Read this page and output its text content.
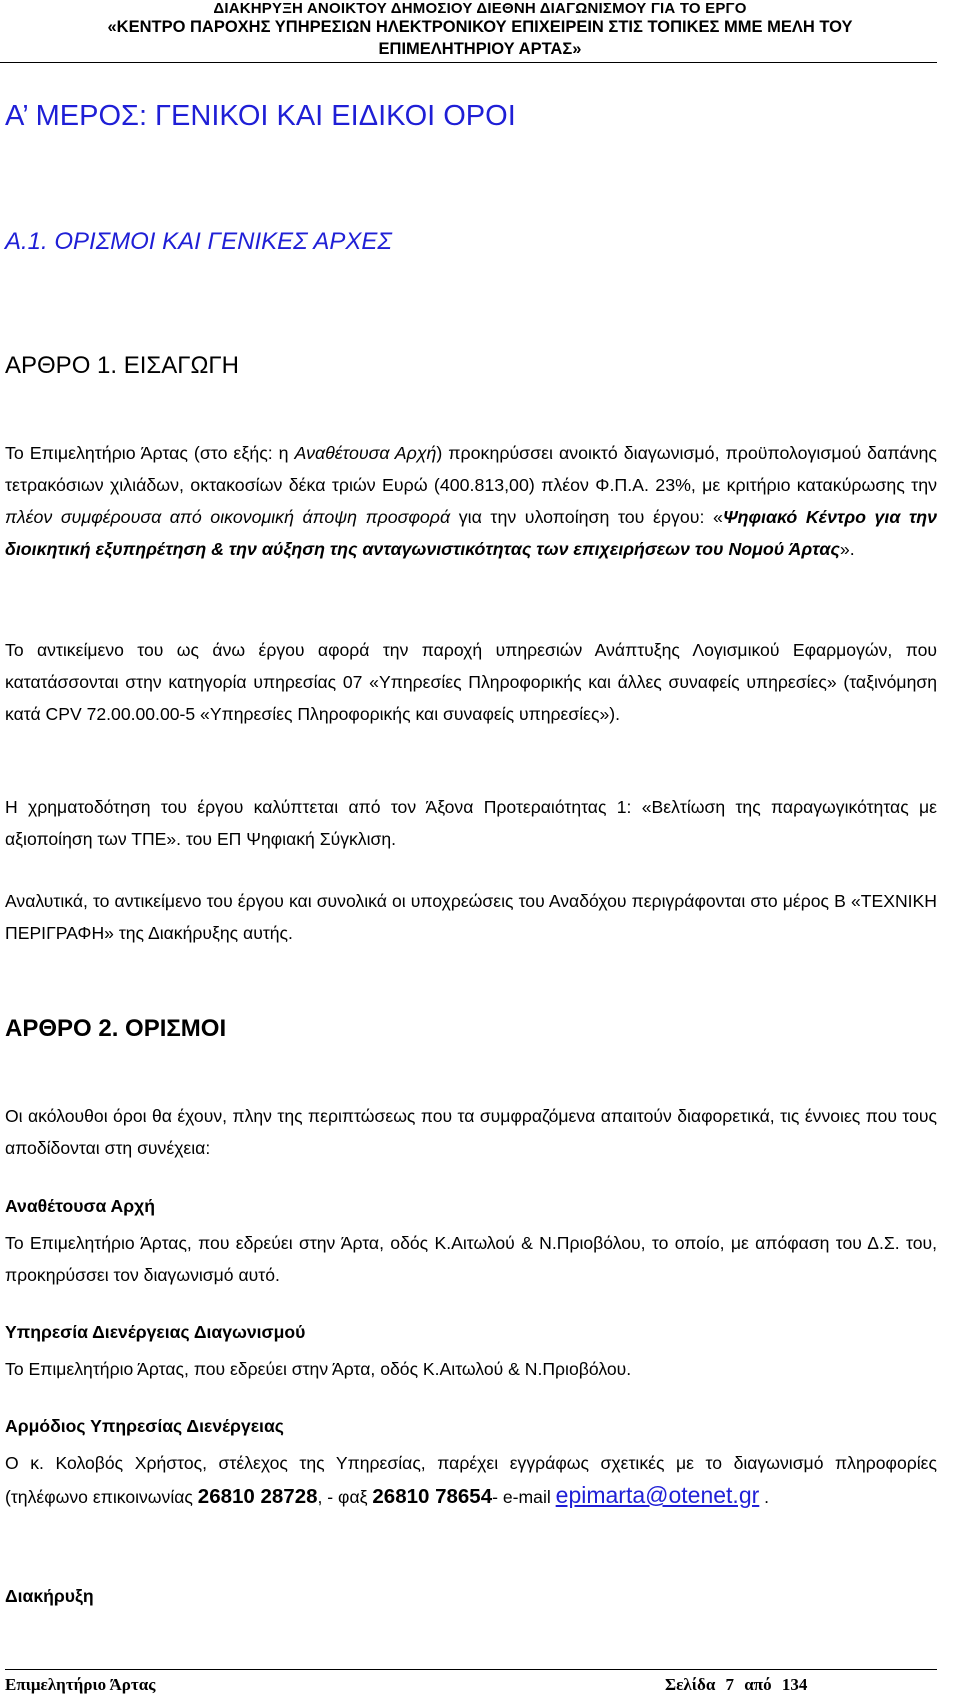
ΔΙΑΚΗΡΥΞΗ ΑΝΟΙΚΤΟΥ ΔΗΜΟΣΙΟΥ ΔΙΕΘΝΗ ΔΙΑΓΩΝΙΣΜΟΥ ΓΙΑ ΤΟ ΕΡΓΟ
«ΚΕΝΤΡΟ ΠΑΡΟΧΗΣ ΥΠΗΡΕΣΙΩΝ ΗΛΕΚΤΡΟΝΙΚΟΥ ΕΠΙΧΕΙΡΕΙΝ ΣΤΙΣ ΤΟΠΙΚΕΣ ΜΜΕ ΜΕΛΗ ΤΟΥ
ΕΠΙΜΕΛΗΤΗΡΙΟΥ ΑΡΤΑΣ»
Α’ ΜΕΡΟΣ: ΓΕΝΙΚΟΙ ΚΑΙ ΕΙΔΙΚΟΙ ΟΡΟΙ
Α.1. ΟΡΙΣΜΟΙ ΚΑΙ ΓΕΝΙΚΕΣ ΑΡΧΕΣ
ΑΡΘΡΟ 1. ΕΙΣΑΓΩΓΗ
Το Επιμελητήριο Άρτας (στο εξής: η Αναθέτουσα Αρχή) προκηρύσσει ανοικτό διαγωνισμό, προϋπολογισμού δαπάνης τετρακόσιων χιλιάδων, οκτακοσίων δέκα τριών Ευρώ (400.813,00) πλέον Φ.Π.Α. 23%, με κριτήριο κατακύρωσης την πλέον συμφέρουσα από οικονομική άποψη προσφορά για την υλοποίηση του έργου: «Ψηφιακό Κέντρο για την διοικητική εξυπηρέτηση & την αύξηση της ανταγωνιστικότητας των επιχειρήσεων του Νομού Άρτας».
Το αντικείμενο του ως άνω έργου αφορά την παροχή υπηρεσιών Ανάπτυξης Λογισμικού Εφαρμογών, που κατατάσσονται στην κατηγορία υπηρεσίας 07 «Υπηρεσίες Πληροφορικής και άλλες συναφείς υπηρεσίες» (ταξινόμηση κατά CPV 72.00.00.00-5 «Υπηρεσίες Πληροφορικής και συναφείς υπηρεσίες»).
Η χρηματοδότηση του έργου καλύπτεται από τον Άξονα Προτεραιότητας 1: «Βελτίωση της παραγωγικότητας με αξιοποίηση των ΤΠΕ». του ΕΠ Ψηφιακή Σύγκλιση.
Αναλυτικά, το αντικείμενο του έργου και συνολικά οι υποχρεώσεις του Αναδόχου περιγράφονται στο μέρος Β «ΤΕΧΝΙΚΗ ΠΕΡΙΓΡΑΦΗ» της Διακήρυξης αυτής.
ΑΡΘΡΟ 2. ΟΡΙΣΜΟΙ
Οι ακόλουθοι όροι θα έχουν, πλην της περιπτώσεως που τα συμφραζόμενα απαιτούν διαφορετικά, τις έννοιες που τους αποδίδονται στη συνέχεια:
Αναθέτουσα Αρχή
Το Επιμελητήριο Άρτας, που εδρεύει στην Άρτα, οδός Κ.Αιτωλού & Ν.Πριοβόλου, το οποίο, με απόφαση του Δ.Σ. του, προκηρύσσει τον διαγωνισμό αυτό.
Υπηρεσία Διενέργειας Διαγωνισμού
Το Επιμελητήριο Άρτας, που εδρεύει στην Άρτα, οδός Κ.Αιτωλού & Ν.Πριοβόλου.
Αρμόδιος Υπηρεσίας Διενέργειας
Ο κ. Κολοβός Χρήστος, στέλεχος της Υπηρεσίας, παρέχει εγγράφως σχετικές με το διαγωνισμό πληροφορίες (τηλέφωνο επικοινωνίας 26810 28728, - φαξ 26810 78654- e-mail epimarta@otenet.gr .
Διακήρυξη
Επιμελητήριο Άρτας	Σελίδα 7 από 134
